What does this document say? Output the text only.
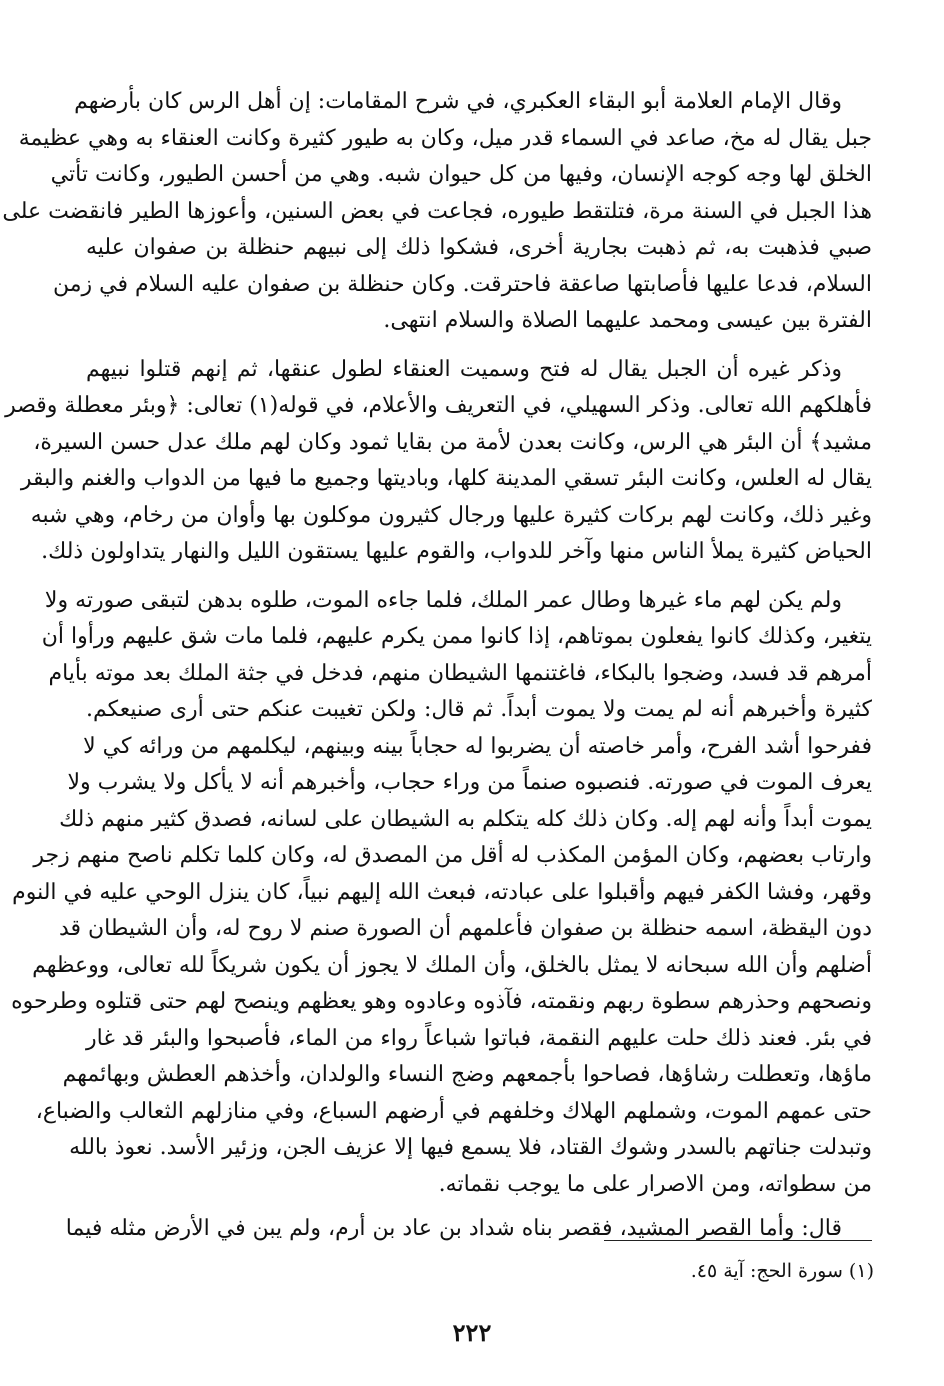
وقال الإمام العلامة أبو البقاء العكبري، في شرح المقامات: إن أهل الرس كان بأرضهم
جبل يقال له مخ، صاعد في السماء قدر ميل، وكان به طيور كثيرة وكانت العنقاء به وهي عظيمة
الخلق لها وجه كوجه الإنسان، وفيها من كل حيوان شبه. وهي من أحسن الطيور، وكانت تأتي
هذا الجبل في السنة مرة، فتلتقط طيوره، فجاعت في بعض السنين، وأعوزها الطير فانقضت على
صبي فذهبت به، ثم ذهبت بجارية أخرى، فشكوا ذلك إلى نبيهم حنظلة بن صفوان عليه
السلام، فدعا عليها فأصابتها صاعقة فاحترقت. وكان حنظلة بن صفوان عليه السلام في زمن
الفترة بين عيسى ومحمد عليهما الصلاة والسلام انتهى.
وذكر غيره أن الجبل يقال له فتح وسميت العنقاء لطول عنقها، ثم إنهم قتلوا نبيهم
فأهلكهم الله تعالى. وذكر السهيلي، في التعريف والأعلام، في قوله(١) تعالى: ﴿وبئر معطلة وقصر
مشيد﴾ أن البئر هي الرس، وكانت بعدن لأمة من بقايا ثمود وكان لهم ملك عدل حسن السيرة،
يقال له العلس، وكانت البئر تسقي المدينة كلها، وباديتها وجميع ما فيها من الدواب والغنم والبقر
وغير ذلك، وكانت لهم بركات كثيرة عليها ورجال كثيرون موكلون بها وأوان من رخام، وهي شبه
الحياض كثيرة يملأ الناس منها وآخر للدواب، والقوم عليها يستقون الليل والنهار يتداولون ذلك.
ولم يكن لهم ماء غيرها وطال عمر الملك، فلما جاءه الموت، طلوه بدهن لتبقى صورته ولا
يتغير، وكذلك كانوا يفعلون بموتاهم، إذا كانوا ممن يكرم عليهم، فلما مات شق عليهم ورأوا أن
أمرهم قد فسد، وضجوا بالبكاء، فاغتنمها الشيطان منهم، فدخل في جثة الملك بعد موته بأيام
كثيرة وأخبرهم أنه لم يمت ولا يموت أبداً. ثم قال: ولكن تغيبت عنكم حتى أرى صنيعكم.
ففرحوا أشد الفرح، وأمر خاصته أن يضربوا له حجاباً بينه وبينهم، ليكلمهم من ورائه كي لا
يعرف الموت في صورته. فنصبوه صنماً من وراء حجاب، وأخبرهم أنه لا يأكل ولا يشرب ولا
يموت أبداً وأنه لهم إله. وكان ذلك كله يتكلم به الشيطان على لسانه، فصدق كثير منهم ذلك
وارتاب بعضهم، وكان المؤمن المكذب له أقل من المصدق له، وكان كلما تكلم ناصح منهم زجر
وقهر، وفشا الكفر فيهم وأقبلوا على عبادته، فبعث الله إليهم نبياً، كان ينزل الوحي عليه في النوم
دون اليقظة، اسمه حنظلة بن صفوان فأعلمهم أن الصورة صنم لا روح له، وأن الشيطان قد
أضلهم وأن الله سبحانه لا يمثل بالخلق، وأن الملك لا يجوز أن يكون شريكاً لله تعالى، ووعظهم
ونصحهم وحذرهم سطوة ربهم ونقمته، فآذوه وعادوه وهو يعظهم وينصح لهم حتى قتلوه وطرحوه
في بئر. فعند ذلك حلت عليهم النقمة، فباتوا شباعاً رواء من الماء، فأصبحوا والبئر قد غار
ماؤها، وتعطلت رشاؤها، فصاحوا بأجمعهم وضج النساء والولدان، وأخذهم العطش وبهائمهم
حتى عمهم الموت، وشملهم الهلاك وخلفهم في أرضهم السباع، وفي منازلهم الثعالب والضباع،
وتبدلت جناتهم بالسدر وشوك القتاد، فلا يسمع فيها إلا عزيف الجن، وزئير الأسد. نعوذ بالله
من سطواته، ومن الاصرار على ما يوجب نقماته.
قال: وأما القصر المشيد، فقصر بناه شداد بن عاد بن أرم، ولم يبن في الأرض مثله فيما
(١) سورة الحج: آية ٤٥.
٢٢٢
